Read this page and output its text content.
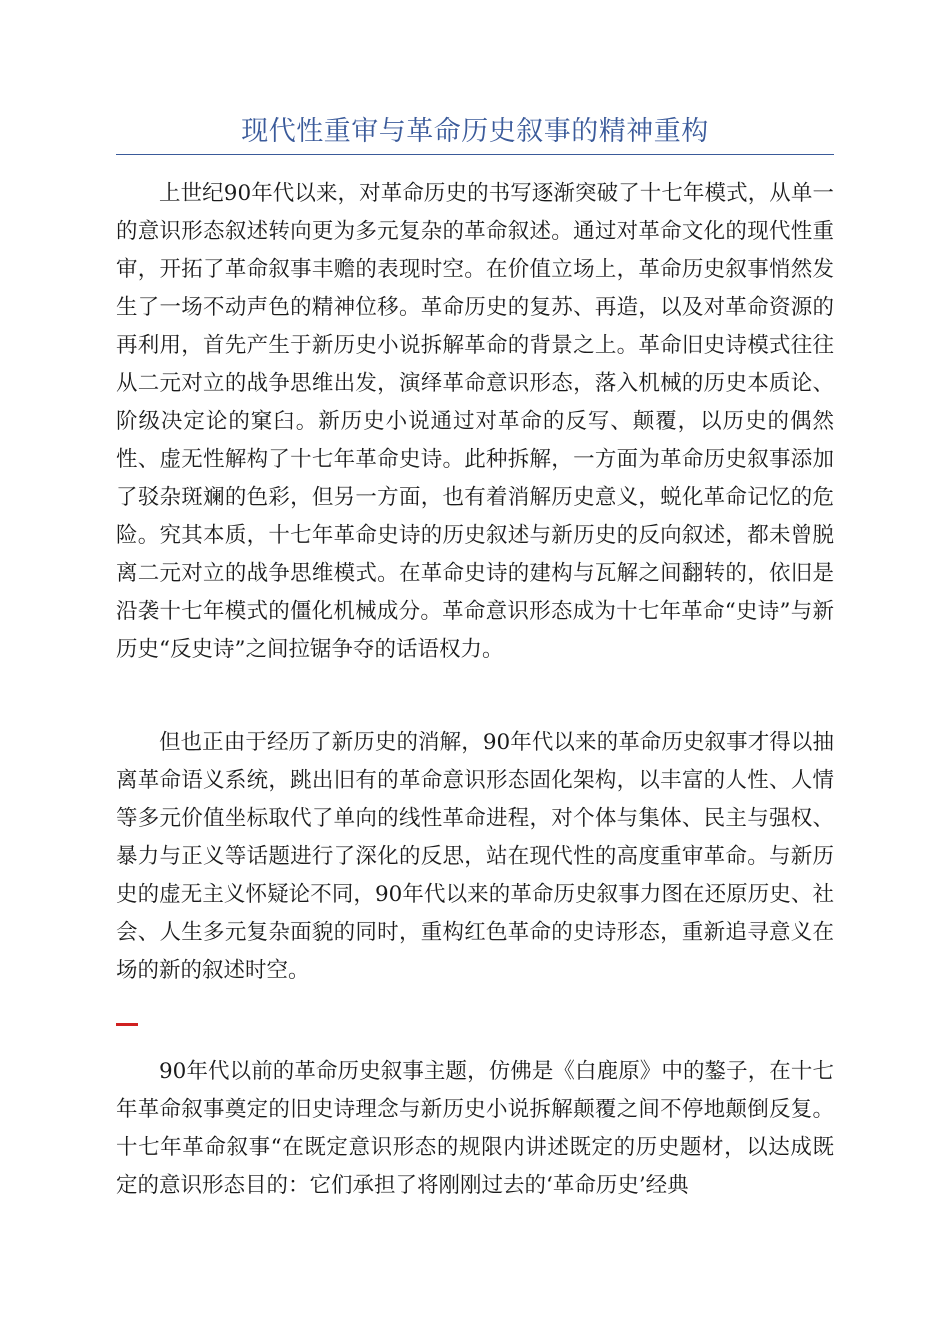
现代性重审与革命历史叙事的精神重构

上世纪90年代以来，对革命历史的书写逐渐突破了十七年模式，从单一的意识形态叙述转向更为多元复杂的革命叙述。通过对革命文化的现代性重审，开拓了革命叙事丰赡的表现时空。在价值立场上，革命历史叙事悄然发生了一场不动声色的精神位移。革命历史的复苏、再造，以及对革命资源的再利用，首先产生于新历史小说拆解革命的背景之上。革命旧史诗模式往往从二元对立的战争思维出发，演绎革命意识形态，落入机械的历史本质论、阶级决定论的窠臼。新历史小说通过对革命的反写、颠覆，以历史的偶然性、虚无性解构了十七年革命史诗。此种拆解，一方面为革命历史叙事添加了驳杂斑斓的色彩，但另一方面，也有着消解历史意义，蜕化革命记忆的危险。究其本质，十七年革命史诗的历史叙述与新历史的反向叙述，都未曾脱离二元对立的战争思维模式。在革命史诗的建构与瓦解之间翻转的，依旧是沿袭十七年模式的僵化机械成分。革命意识形态成为十七年革命“史诗”与新历史“反史诗”之间拉锯争夺的话语权力。

但也正由于经历了新历史的消解，90年代以来的革命历史叙事才得以抽离革命语义系统，跳出旧有的革命意识形态固化架构，以丰富的人性、人情等多元价值坐标取代了单向的线性革命进程，对个体与集体、民主与强权、暴力与正义等话题进行了深化的反思，站在现代性的高度重审革命。与新历史的虚无主义怀疑论不同，90年代以来的革命历史叙事力图在还原历史、社会、人生多元复杂面貌的同时，重构红色革命的史诗形态，重新追寻意义在场的新的叙述时空。

90年代以前的革命历史叙事主题，仿佛是《白鹿原》中的鏊子，在十七年革命叙事奠定的旧史诗理念与新历史小说拆解颠覆之间不停地颠倒反复。十七年革命叙事“在既定意识形态的规限内讲述既定的历史题材，以达成既定的意识形态目的：它们承担了将刚刚过去的‘革命历史’经典
